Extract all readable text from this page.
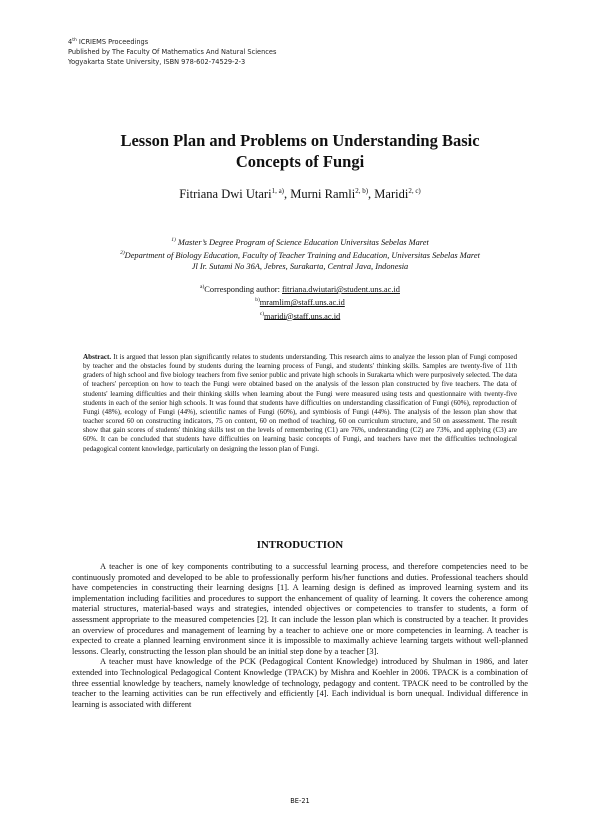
4th ICRIEMS Proceedings
Published by The Faculty Of Mathematics And Natural Sciences
Yogyakarta State University, ISBN 978-602-74529-2-3
Lesson Plan and Problems on Understanding Basic
Concepts of Fungi
Fitriana Dwi Utari$^{1, a)}$, Murni Ramli$^{2, b)}$, Maridi$^{2, c)}$
$^{1)}$ Master’s Degree Program of Science Education Universitas Sebelas Maret
$^{2)}$Department of Biology Education, Faculty of Teacher Training and Education, Universitas Sebelas Maret
Jl Ir. Sutami No 36A, Jebres, Surakarta, Central Java, Indonesia
$^{a)}$Corresponding author: fitriana.dwiutari@student.uns.ac.id
$^{b)}$mramlim@staff.uns.ac.id
$^{c)}$maridi@staff.uns.ac.id
Abstract. It is argued that lesson plan significantly relates to students understanding. This research aims to analyze the lesson plan of Fungi composed by teacher and the obstacles found by students during the learning process of Fungi, and students' thinking skills. Samples are twenty-five of 11th graders of high school and five biology teachers from five senior public and private high schools in Surakarta which were purposively selected. The data of teachers' perception on how to teach the Fungi were obtained based on the analysis of the lesson plan constructed by five teachers. The data of students' learning difficulties and their thinking skills when learning about the Fungi were measured using tests and questionnaire with twenty-five students in each of the senior high schools. It was found that students have difficulties on understanding classification of Fungi (60%), reproduction of Fungi (48%), ecology of Fungi (44%), scientific names of Fungi (60%), and symbiosis of Fungi (44%). The analysis of the lesson plan show that teacher scored 60 on constructing indicators, 75 on content, 60 on method of teaching, 60 on curriculum structure, and 50 on assessment. The result show that gain scores of students' thinking skills test on the levels of remembering (C1) are 76%, understanding (C2) are 73%, and applying (C3) are 60%. It can be concluded that students have difficulties on learning basic concepts of Fungi, and teachers have met the difficulties technological pedagogical content knowledge, particularly on designing the lesson plan of Fungi.
INTRODUCTION

A teacher is one of key components contributing to a successful learning process, and therefore competencies need to be continuously promoted and developed to be able to professionally perform his/her functions and duties. Professional teachers should have competencies in constructing their learning designs [1]. A learning design is defined as improved learning system and its implementation including facilities and procedures to support the enhancement of quality of learning. It covers the coherence among material structures, material-based ways and strategies, intended objectives or competencies to transfer to students, a form of assessment appropriate to the measured competencies [2]. It can include the lesson plan which is constructed by a teacher. It provides an overview of procedures and management of learning by a teacher to achieve one or more competencies in learning. A teacher is expected to create a planned learning environment since it is impossible to maximally achieve learning targets without well-planned lessons. Clearly, constructing the lesson plan should be an initial step done by a teacher [3].

A teacher must have knowledge of the PCK (Pedagogical Content Knowledge) introduced by Shulman in 1986, and later extended into Technological Pedagogical Content Knowledge (TPACK) by Mishra and Koehler in 2006. TPACK is a combination of three essential knowledge by teachers, namely knowledge of technology, pedagogy and content. TPACK need to be controlled by the teacher to the learning activities can be run effectively and efficiently [4]. Each individual is born unequal. Individual difference in learning is associated with different

BE-21
